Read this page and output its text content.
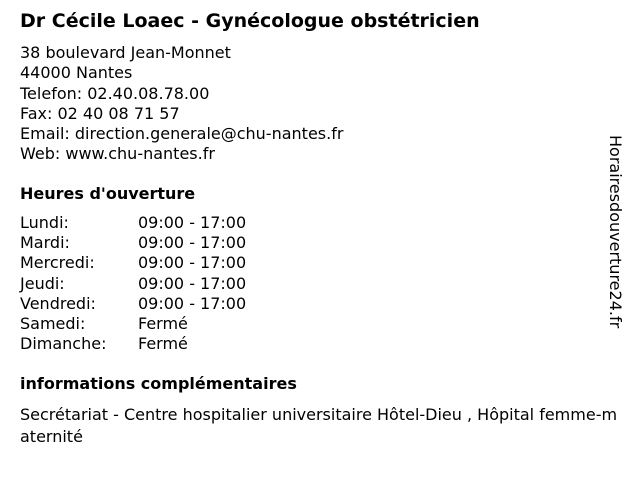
Dr Cécile Loaec - Gynécologue obstétricien
38 boulevard Jean-Monnet
44000 Nantes
Telefon: 02.40.08.78.00
Fax: 02 40 08 71 57
Email: direction.generale@chu-nantes.fr
Web: www.chu-nantes.fr
Heures d'ouverture
Lundi:	09:00 - 17:00
Mardi:	09:00 - 17:00
Mercredi:	09:00 - 17:00
Jeudi:	09:00 - 17:00
Vendredi:	09:00 - 17:00
Samedi:	Fermé
Dimanche: Fermé
informations complémentaires
Secrétariat - Centre hospitalier universitaire Hôtel-Dieu , Hôpital femme-maternité
Horairesdouverture24.fr
